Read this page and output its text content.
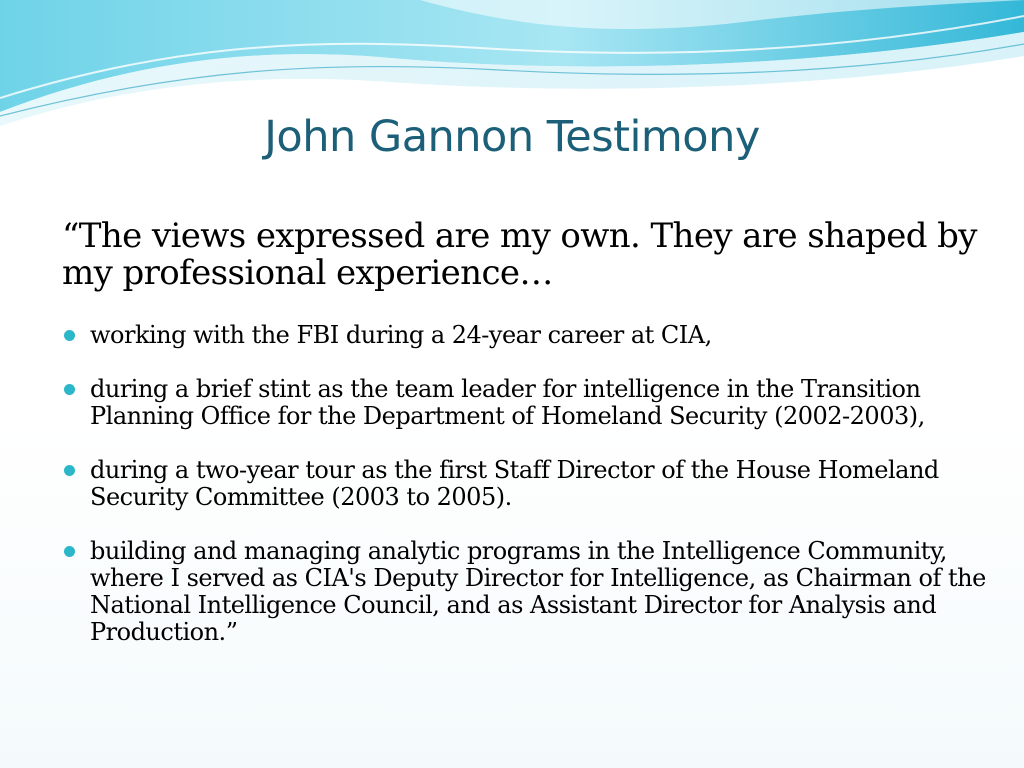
John Gannon Testimony
“The views expressed are my own. They are shaped by my professional experience…
working with the FBI during a 24-year career at CIA,
during a brief stint as the team leader for intelligence in the Transition Planning Office for the Department of Homeland Security (2002-2003),
during a two-year tour as the first Staff Director of the House Homeland Security Committee (2003 to 2005).
building and managing analytic programs in the Intelligence Community, where I served as CIA's Deputy Director for Intelligence, as Chairman of the National Intelligence Council, and as Assistant Director for Analysis and Production.”
